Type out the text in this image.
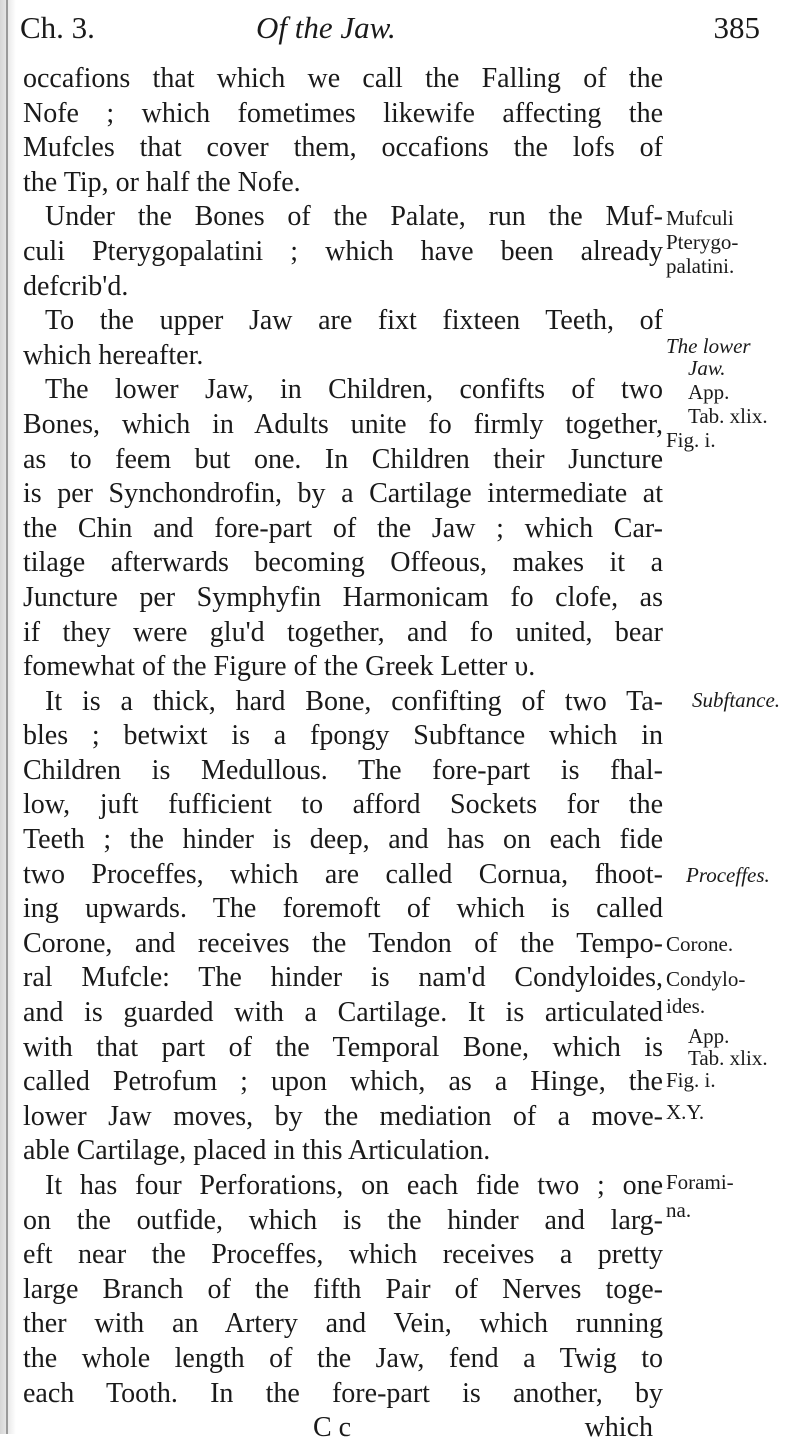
Ch. 3.	Of the Jaw.	385
occafions that which we call the Falling of the
Nofe ; which fometimes likewife affecting the
Mufcles that cover them, occafions the lofs of
the Tip, or half the Nofe.
Under the Bones of the Palate, run the Muf-
culi Pterygopalatini ; which have been already
defcrib'd.
To the upper Jaw are fixt fixteen Teeth, of
which hereafter.
The lower Jaw, in Children, confifts of two
Bones, which in Adults unite fo firmly together,
as to feem but one. In Children their Juncture
is per Synchondrofin, by a Cartilage intermediate at
the Chin and fore-part of the Jaw ; which Car-
tilage afterwards becoming Offeous, makes it a
Juncture per Symphyfin Harmonicam fo clofe, as
if they were glu'd together, and fo united, bear
fomewhat of the Figure of the Greek Letter υ.
It is a thick, hard Bone, confifting of two Ta-
bles ; betwixt is a fpongy Subftance which in
Children is Medullous. The fore-part is fhal-
low, juft fufficient to afford Sockets for the
Teeth ; the hinder is deep, and has on each fide
two Proceffes, which are called Cornua, fhoot-
ing upwards. The foremoft of which is called
Corone, and receives the Tendon of the Tempo-
ral Mufcle: The hinder is nam'd Condyloides,
and is guarded with a Cartilage. It is articulated
with that part of the Temporal Bone, which is
called Petrofum ; upon which, as a Hinge, the
lower Jaw moves, by the mediation of a move-
able Cartilage, placed in this Articulation.
It has four Perforations, on each fide two ; one
on the outfide, which is the hinder and larg-
eft near the Proceffes, which receives a pretty
large Branch of the fifth Pair of Nerves toge-
ther with an Artery and Vein, which running
the whole length of the Jaw, fend a Twig to
each Tooth. In the fore-part is another, by
C c	which
Mufculi
Pterygo-
palatini.
The lower
Jaw.
App.
Tab. xlix.
Fig. i.
Subftance.
Proceffes.
Corone.
Condylo-
ides.
App.
Tab. xlix.
Fig. i.
X.Y.
Forami-
na.
